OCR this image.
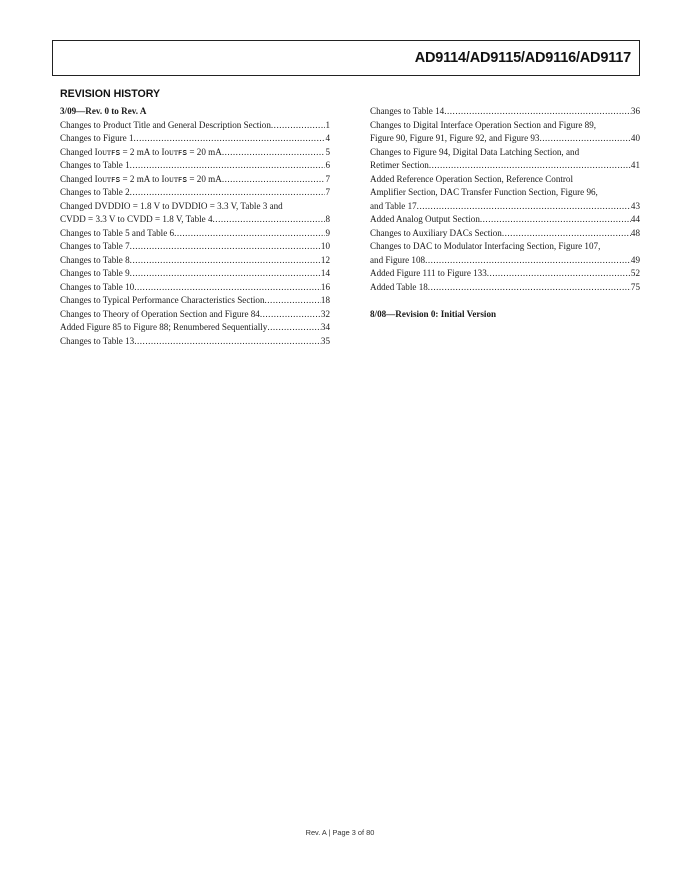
AD9114/AD9115/AD9116/AD9117
REVISION HISTORY
3/09—Rev. 0 to Rev. A
Changes to Product Title and General Description Section .....	1
Changes to Figure 1 .....	4
Changed Iᴏᴜᴛꜰꜱ = 2 mA to Iᴏᴜᴛꜰꜱ = 20 mA .....	5
Changes to Table 1 .....	6
Changed Iᴏᴜᴛꜰꜱ = 2 mA to Iᴏᴜᴛꜰꜱ = 20 mA .....	7
Changes to Table 2 .....	7
Changed DVDDIO = 1.8 V to DVDDIO = 3.3 V, Table 3 and
CVDD = 3.3 V to CVDD = 1.8 V, Table 4 .....	8
Changes to Table 5 and Table 6 .....	9
Changes to Table 7 .....	10
Changes to Table 8 .....	12
Changes to Table 9 .....	14
Changes to Table 10 .....	16
Changes to Typical Performance Characteristics Section .....	18
Changes to Theory of Operation Section and Figure 84 .....	32
Added Figure 85 to Figure 88; Renumbered Sequentially .....	34
Changes to Table 13 .....	35
Changes to Table 14 .....	36
Changes to Digital Interface Operation Section and Figure 89,
Figure 90, Figure 91, Figure 92, and Figure 93 .....	40
Changes to Figure 94, Digital Data Latching Section, and
Retimer Section .....	41
Added Reference Operation Section, Reference Control
Amplifier Section, DAC Transfer Function Section, Figure 96,
and Table 17 .....	43
Added Analog Output Section .....	44
Changes to Auxiliary DACs Section .....	48
Changes to DAC to Modulator Interfacing Section, Figure 107,
and Figure 108 .....	49
Added Figure 111 to Figure 133 .....	52
Added Table 18 .....	75
8/08—Revision 0: Initial Version
Rev. A | Page 3 of 80
